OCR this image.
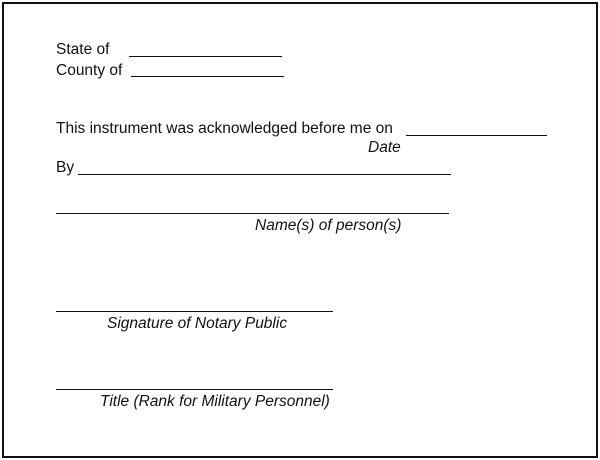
State of
County of
This instrument was acknowledged before me on
Date
By
Name(s) of person(s)
Signature of Notary Public
Title (Rank for Military Personnel)
